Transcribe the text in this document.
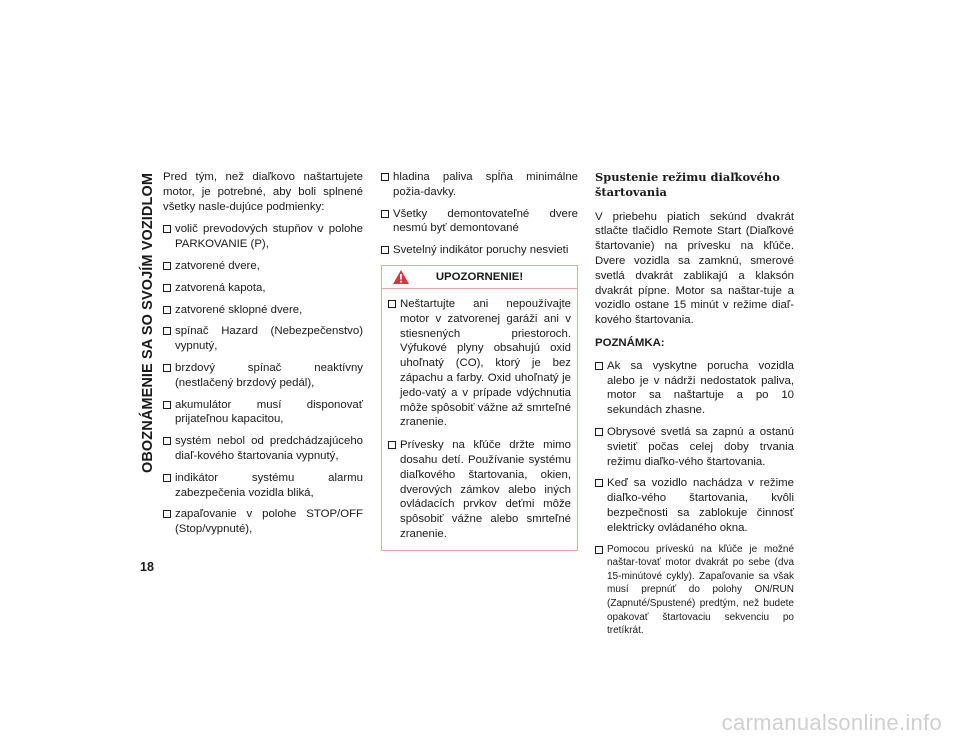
OBOZNÁMENIE SA SO SVOJÍM VOZIDLOM
18

Pred tým, než diaľkovo naštartujete motor, je potrebné, aby boli splnené všetky nasle-dujúce podmienky:

volič prevodových stupňov v polohe PARKOVANIE (P),
zatvorené dvere,
zatvorená kapota,
zatvorené sklopné dvere,
spínač Hazard (Nebezpečenstvo) vypnutý,
brzdový spínač neaktívny (nestlačený brzdový pedál),
akumulátor musí disponovať prijateľnou kapacitou,
systém nebol od predchádzajúceho diaľ-kového štartovania vypnutý,
indikátor systému alarmu zabezpečenia vozidla bliká,
zapaľovanie v polohe STOP/OFF (Stop/vypnuté),
hladina paliva spĺňa minimálne požia-davky.
Všetky demontovateľné dvere nesmú byť demontované
Svetelný indikátor poruchy nesvieti
UPOZORNENIE!
Neštartujte ani nepoužívajte motor v zatvorenej garáži ani v stiesnených priestoroch. Výfukové plyny obsahujú oxid uhoľnatý (CO), ktorý je bez zápachu a farby. Oxid uhoľnatý je jedo-vatý a v prípade vdýchnutia môže spôsobiť vážne až smrteľné zranenie.
Prívesky na kľúče držte mimo dosahu detí. Používanie systému diaľkového štartovania, okien, dverových zámkov alebo iných ovládacích prvkov deťmi môže spôsobiť vážne alebo smrteľné zranenie.
Spustenie režimu diaľkového štartovania

V priebehu piatich sekúnd dvakrát stlačte tlačidlo Remote Start (Diaľkové štartovanie) na prívesku na kľúče. Dvere vozidla sa zamknú, smerové svetlá dvakrát zablikajú a klaksón dvakrát pípne. Motor sa naštar-tuje a vozidlo ostane 15 minút v režime diaľ-kového štartovania.

POZNÁMKA:
Ak sa vyskytne porucha vozidla alebo je v nádrži nedostatok paliva, motor sa naštartuje a po 10 sekundách zhasne.
Obrysové svetlá sa zapnú a ostanú svietiť počas celej doby trvania režimu diaľko-vého štartovania.
Keď sa vozidlo nachádza v režime diaľko-vého štartovania, kvôli bezpečnosti sa zablokuje činnosť elektricky ovládaného okna.
Pomocou príveskú na kľúče je možné naštar-tovať motor dvakrát po sebe (dva 15-minútové cykly). Zapaľovanie sa však musí prepnúť do polohy ON/RUN (Zapnuté/Spustené) predtým, než budete opakovať štartovaciu sekvenciu po tretíkrát.
carmanualsonline.info
